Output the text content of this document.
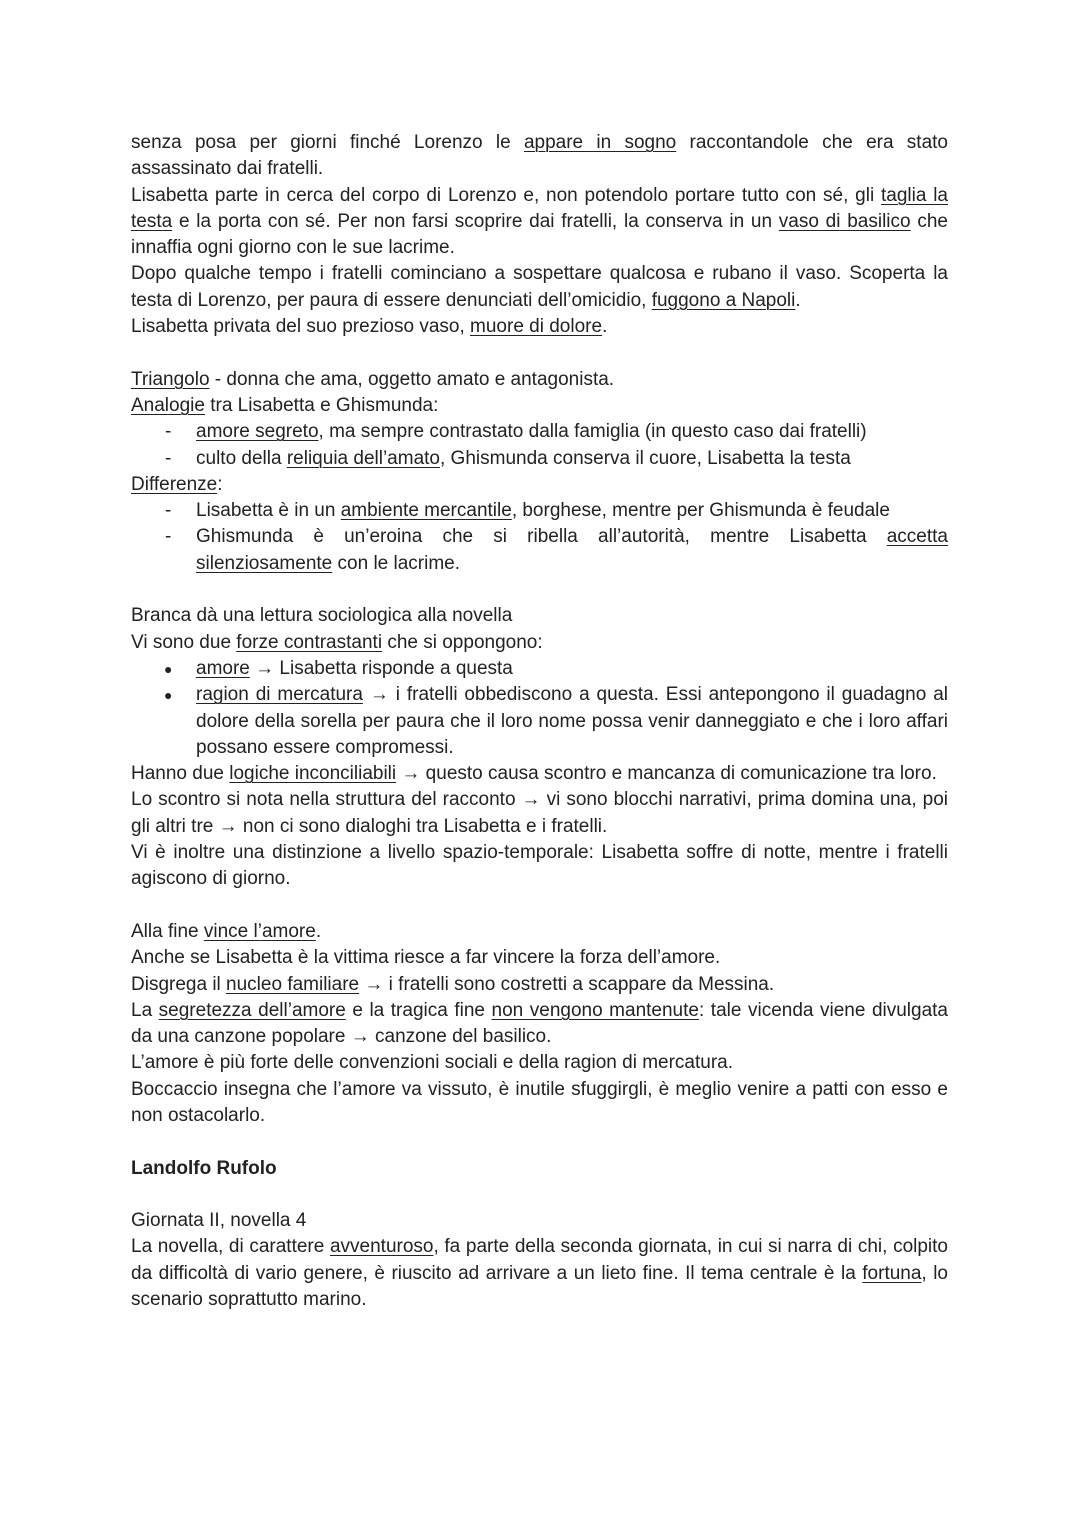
senza posa per giorni finché Lorenzo le appare in sogno raccontandole che era stato assassinato dai fratelli.

Lisabetta parte in cerca del corpo di Lorenzo e, non potendolo portare tutto con sé, gli taglia la testa e la porta con sé. Per non farsi scoprire dai fratelli, la conserva in un vaso di basilico che innaffia ogni giorno con le sue lacrime.

Dopo qualche tempo i fratelli cominciano a sospettare qualcosa e rubano il vaso. Scoperta la testa di Lorenzo, per paura di essere denunciati dell’omicidio, fuggono a Napoli.

Lisabetta privata del suo prezioso vaso, muore di dolore.

Triangolo - donna che ama, oggetto amato e antagonista.

Analogie tra Lisabetta e Ghismunda:

- amore segreto, ma sempre contrastato dalla famiglia (in questo caso dai fratelli)
- culto della reliquia dell’amato, Ghismunda conserva il cuore, Lisabetta la testa

Differenze:

- Lisabetta è in un ambiente mercantile, borghese, mentre per Ghismunda è feudale
- Ghismunda è un’eroina che si ribella all’autorità, mentre Lisabetta accetta silenziosamente con le lacrime.

Branca dà una lettura sociologica alla novella

Vi sono due forze contrastanti che si oppongono:

● amore → Lisabetta risponde a questa
● ragion di mercatura → i fratelli obbediscono a questa. Essi antepongono il guadagno al dolore della sorella per paura che il loro nome possa venir danneggiato e che i loro affari possano essere compromessi.

Hanno due logiche inconciliabili → questo causa scontro e mancanza di comunicazione tra loro.

Lo scontro si nota nella struttura del racconto → vi sono blocchi narrativi, prima domina una, poi gli altri tre → non ci sono dialoghi tra Lisabetta e i fratelli.

Vi è inoltre una distinzione a livello spazio-temporale: Lisabetta soffre di notte, mentre i fratelli agiscono di giorno.

Alla fine vince l’amore.

Anche se Lisabetta è la vittima riesce a far vincere la forza dell’amore.

Disgrega il nucleo familiare → i fratelli sono costretti a scappare da Messina.

La segretezza dell’amore e la tragica fine non vengono mantenute: tale vicenda viene divulgata da una canzone popolare → canzone del basilico.

L’amore è più forte delle convenzioni sociali e della ragion di mercatura.

Boccaccio insegna che l’amore va vissuto, è inutile sfuggirgli, è meglio venire a patti con esso e non ostacolarlo.

Landolfo Rufolo

Giornata II, novella 4

La novella, di carattere avventuroso, fa parte della seconda giornata, in cui si narra di chi, colpito da difficoltà di vario genere, è riuscito ad arrivare a un lieto fine. Il tema centrale è la fortuna, lo scenario soprattutto marino.
